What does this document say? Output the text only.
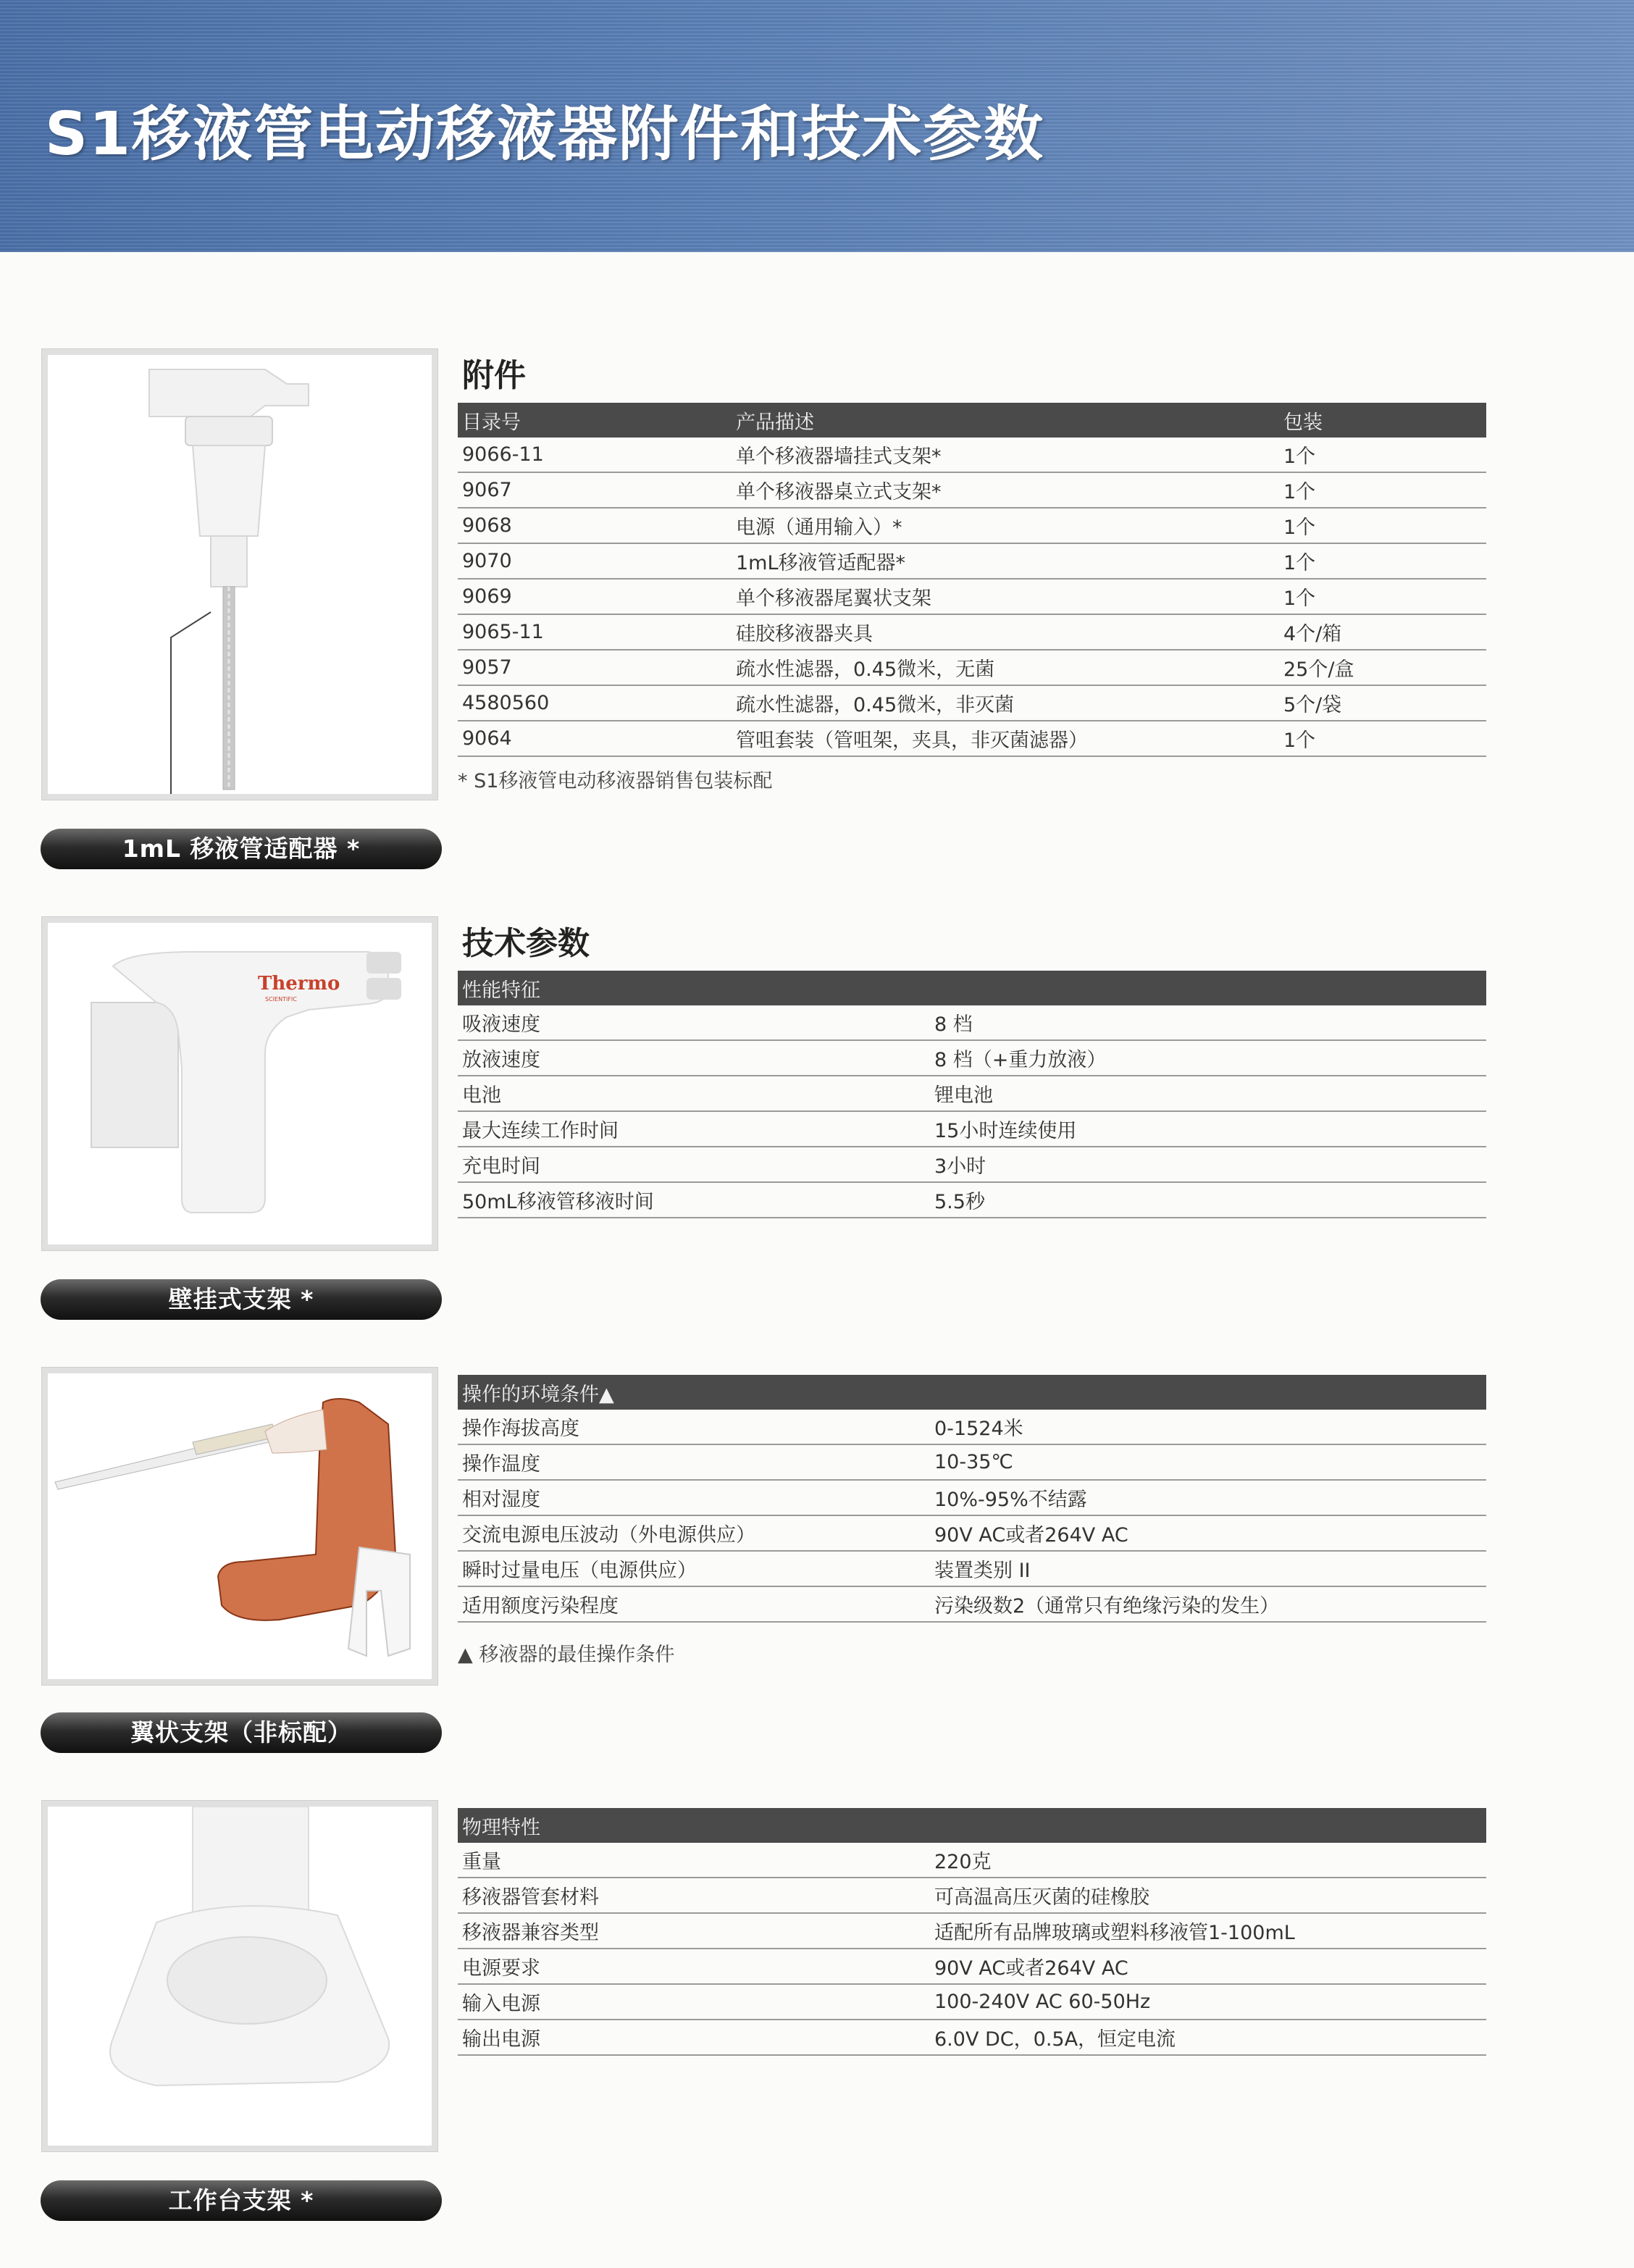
S1移液管电动移液器附件和技术参数
1mL 移液管适配器 *
Thermo
SCIENTIFIC
壁挂式支架 *
翼状支架（非标配）
工作台支架 *
附件
目录号	产品描述	包装
9066-11	单个移液器墙挂式支架*	1个
9067	单个移液器桌立式支架*	1个
9068	电源（通用输入）*	1个
9070	1mL移液管适配器*	1个
9069	单个移液器尾翼状支架	1个
9065-11	硅胶移液器夹具	4个/箱
9057	疏水性滤器，0.45微米，无菌	25个/盒
4580560	疏水性滤器，0.45微米，非灭菌	5个/袋
9064	管咀套装（管咀架，夹具，非灭菌滤器）	1个
* S1移液管电动移液器销售包装标配
技术参数
性能特征	
吸液速度	8 档
放液速度	8 档（+重力放液）
电池	锂电池
最大连续工作时间	15小时连续使用
充电时间	3小时
50mL移液管移液时间	5.5秒
操作的环境条件▲	
操作海拔高度	0-1524米
操作温度	10-35℃
相对湿度	10%-95%不结露
交流电源电压波动（外电源供应）	90V AC或者264V AC
瞬时过量电压（电源供应）	装置类别 II
适用额度污染程度	污染级数2（通常只有绝缘污染的发生）
▲ 移液器的最佳操作条件
物理特性	
重量	220克
移液器管套材料	可高温高压灭菌的硅橡胶
移液器兼容类型	适配所有品牌玻璃或塑料移液管1-100mL
电源要求	90V AC或者264V AC
输入电源	100-240V AC 60-50Hz
输出电源	6.0V DC，0.5A，恒定电流
